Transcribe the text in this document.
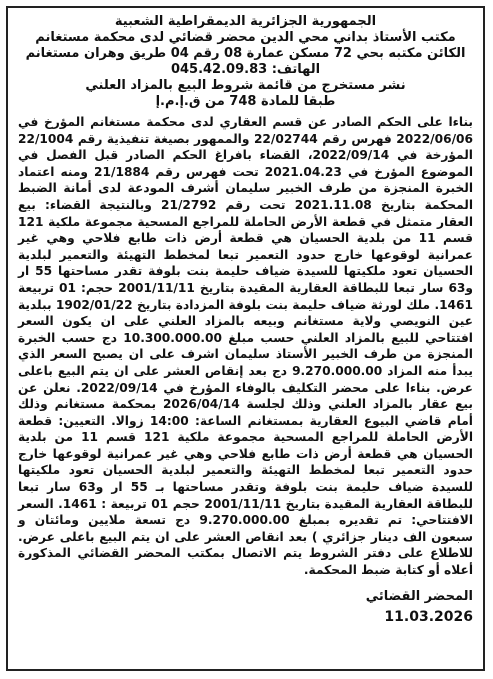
الجمهورية الجزائرية الديمقراطية الشعبية
مكتب الأستاذ بداني محي الدين محضر قضائي لدى محكمة مستغانم
الكائن مكتبه بحي 72 مسكن عمارة 08 رقم 04 طريق وهران مستغانم
الهاتف: 045.42.09.83
نشر مستخرج من قائمة شروط البيع بالمزاد العلني
طبقا للمادة 748 من ق.إ.م.إ

بناءا على الحكم الصادر عن قسم العقاري لدى محكمة مستغانم المؤرخ في 2022/06/06 فهرس رقم 22/02744 والممهور بصيغة تنفيذية رقم 22/1004 المؤرخة في 2022/09/14، القضاء بافراغ الحكم الصادر قبل الفصل في الموضوع المؤرخ في 2021.04.23 تحت فهرس رقم 21/1884 ومنه اعتماد الخبرة المنجزة من طرف الخبير سليمان أشرف المودعة لدى أمانة الضبط المحكمة بتاريخ 2021.11.08 تحت رقم 21/2792 وبالنتيجة القضاء: بيع العقار متمثل في قطعة الأرض الحاملة للمراجع المسحية مجموعة ملكية 121 قسم 11 من بلدية الحسيان هي قطعة أرض ذات طابع فلاحي وهي غير عمرانية لوقوعها خارج حدود التعمير تبعا لمخطط التهيئة والتعمير لبلدية الحسيان تعود ملكيتها للسيدة ضياف حليمة بنت بلوفة تقدر مساحتها 55 ار و63 سار تبعا للبطاقة العقارية المقيدة بتاريخ 2001/11/11 حجم: 01 تربيعة 1461. ملك لورثة ضياف حليمة بنت بلوفة المزدادة بتاريخ 1902/01/22 ببلدية عين النويصي ولاية مستغانم وبيعه بالمزاد العلني على ان يكون السعر افتتاحي للبيع بالمزاد العلني حسب مبلغ 10.300.000.00 دج حسب الخبرة المنجزة من طرف الخبير الأستاذ سليمان اشرف على ان يصبح السعر الذي يبدأ منه المزاد 9.270.000.00 دج بعد إنقاص العشر على ان يتم البيع باعلى عرض. بناءا على محضر التكليف بالوفاء المؤرخ في 2022/09/14. نعلن عن بيع عقار بالمزاد العلني وذلك لجلسة 2026/04/14 بمحكمة مستغانم وذلك أمام قاضي البيوع العقارية بمستغانم الساعة: 14:00 زوالا. التعيين: قطعة الأرض الحاملة للمراجع المسحية مجموعة ملكية 121 قسم 11 من بلدية الحسيان هي قطعة أرض ذات طابع فلاحي وهي غير عمرانية لوقوعها خارج حدود التعمير تبعا لمخطط التهيئة والتعمير لبلدية الحسيان تعود ملكيتها للسيدة ضياف حليمة بنت بلوفة وتقدر مساحتها بـ 55 ار و63 سار تبعا للبطاقة العقارية المقيدة بتاريخ 2001/11/11 حجم 01 تربيعة : 1461. السعر الافتتاحي: تم تقديره بمبلغ 9.270.000.00 دج تسعة ملايين ومائتان و سبعون الف دينار جزائري ) بعد انقاص العشر على ان يتم البيع باعلى عرض. للاطلاع على دفتر الشروط يتم الاتصال بمكتب المحضر القضائي المذكورة أعلاه أو كتابة ضبط المحكمة.

المحضر القضائي
11.03.2026
